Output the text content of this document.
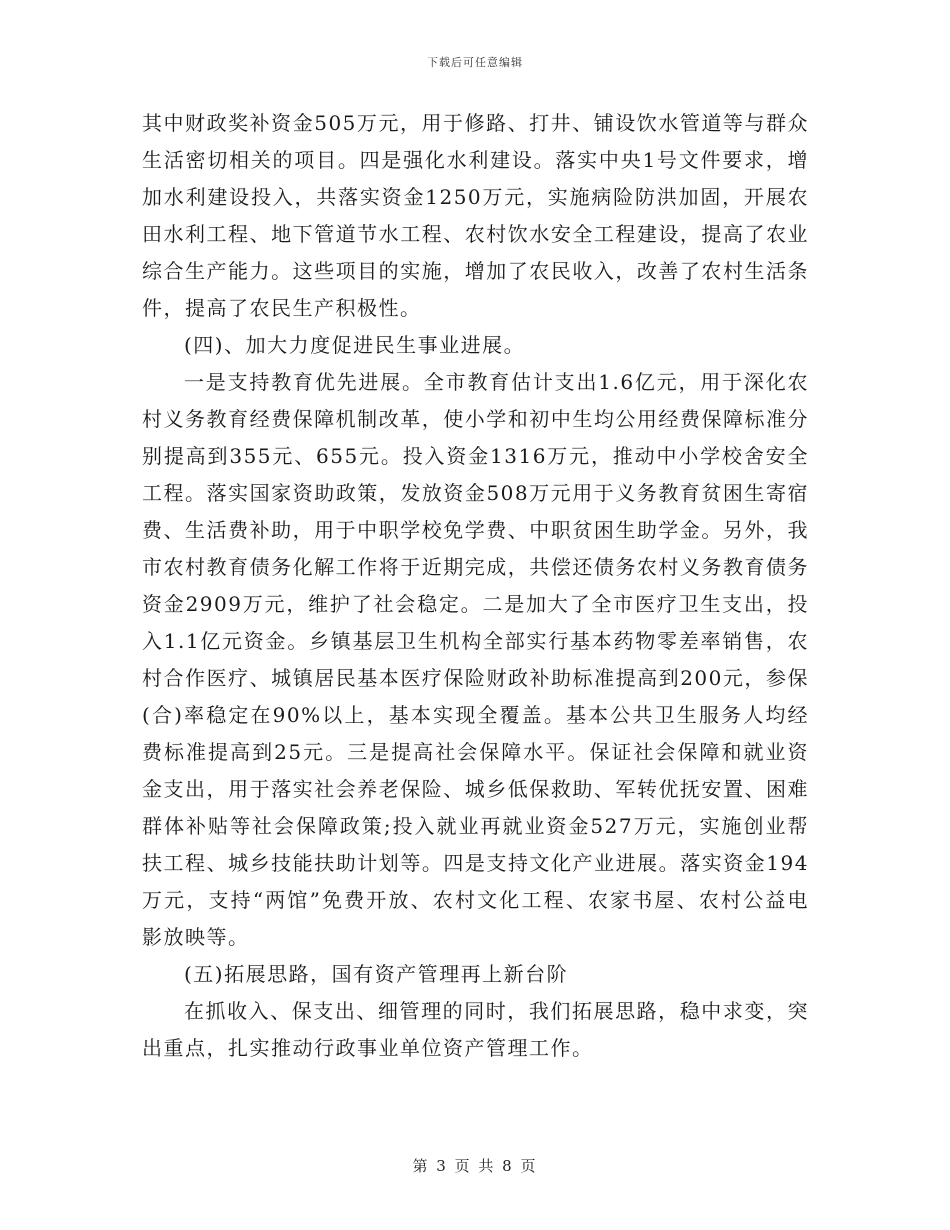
下载后可任意编辑

其中财政奖补资金505万元，用于修路、打井、铺设饮水管道等与群众生活密切相关的项目。四是强化水利建设。落实中央1号文件要求，增加水利建设投入，共落实资金1250万元，实施病险防洪加固，开展农田水利工程、地下管道节水工程、农村饮水安全工程建设，提高了农业综合生产能力。这些项目的实施，增加了农民收入，改善了农村生活条件，提高了农民生产积极性。

(四)、加大力度促进民生事业进展。

一是支持教育优先进展。全市教育估计支出1.6亿元，用于深化农村义务教育经费保障机制改革，使小学和初中生均公用经费保障标准分别提高到355元、655元。投入资金1316万元，推动中小学校舍安全工程。落实国家资助政策，发放资金508万元用于义务教育贫困生寄宿费、生活费补助，用于中职学校免学费、中职贫困生助学金。另外，我市农村教育债务化解工作将于近期完成，共偿还债务农村义务教育债务资金2909万元，维护了社会稳定。二是加大了全市医疗卫生支出，投入1.1亿元资金。乡镇基层卫生机构全部实行基本药物零差率销售，农村合作医疗、城镇居民基本医疗保险财政补助标准提高到200元，参保(合)率稳定在90%以上，基本实现全覆盖。基本公共卫生服务人均经费标准提高到25元。三是提高社会保障水平。保证社会保障和就业资金支出，用于落实社会养老保险、城乡低保救助、军转优抚安置、困难群体补贴等社会保障政策;投入就业再就业资金527万元，实施创业帮扶工程、城乡技能扶助计划等。四是支持文化产业进展。落实资金194万元，支持“两馆”免费开放、农村文化工程、农家书屋、农村公益电影放映等。

(五)拓展思路，国有资产管理再上新台阶

在抓收入、保支出、细管理的同时，我们拓展思路，稳中求变，突出重点，扎实推动行政事业单位资产管理工作。

第 3 页 共 8 页
